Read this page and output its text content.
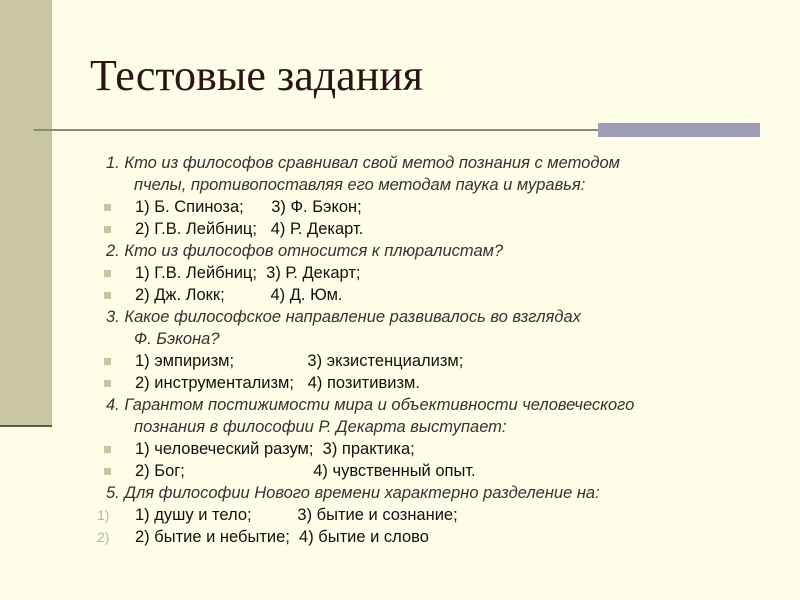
Тестовые задания
1. Кто из философов сравнивал свой метод познания с методом
пчелы, противопоставляя его методам паука и муравья:
1) Б. Спиноза;      3) Ф. Бэкон;
2) Г.В. Лейбниц;   4) Р. Декарт.
2. Кто из философов относится к плюралистам?
1) Г.В. Лейбниц;  3) Р. Декарт;
2) Дж. Локк;          4) Д. Юм.
3. Какое философское направление развивалось во взглядах
Ф. Бэкона?
1) эмпиризм;                3) экзистенциализм;
2) инструментализм;   4) позитивизм.
4. Гарантом постижимости мира и объективности человеческого
познания в философии Р. Декарта выступает:
1) человеческий разум;  3) практика;
2) Бог;                            4) чувственный опыт.
5. Для философии Нового времени характерно разделение на:
1) 1) душу и тело;          3) бытие и сознание;
2) 2) бытие и небытие;  4) бытие и слово
